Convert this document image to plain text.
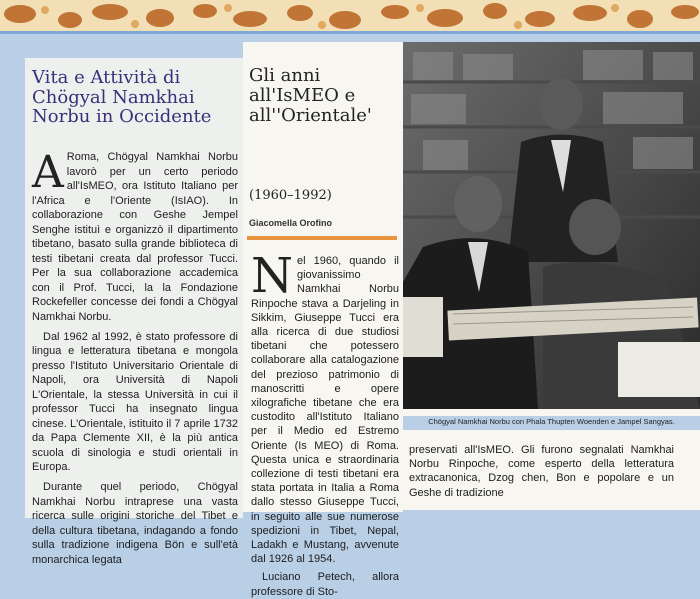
Vita e Attività di Chögyal Namkhai Norbu in Occidente

A Roma, Chögyal Namkhai Norbu lavorò per un certo periodo all'IsMEO, ora Istituto Italiano per l'Africa e l'Oriente (IsIAO). In collaborazione con Geshe Jempel Senghe istituì e organizzò il dipartimento tibetano, basato sulla grande biblioteca di testi tibetani creata dal professor Tucci. Per la sua collaborazione accademica con il Prof. Tucci, la la Fondazione Rockefeller concesse dei fondi a Chögyal Namkhai Norbu.

Dal 1962 al 1992, è stato professore di lingua e letteratura tibetana e mongola presso l'Istituto Universitario Orientale di Napoli, ora Università di Napoli L'Orientale, la stessa Università in cui il professor Tucci ha insegnato lingua cinese. L'Orientale, istituito il 7 aprile 1732 da Papa Clemente XII, è la più antica scuola di sinologia e studi orientali in Europa.

Durante quel periodo, Chögyal Namkhai Norbu intraprese una vasta ricerca sulle origini storiche del Tibet e della cultura tibetana, indagando a fondo sulla tradizione indigena Bön e sull'età monarchica legata

Gli anni all'IsMEO e all''Orientale'
(1960–1992)
Giacomella Orofino

Nel 1960, quando il giovanissimo Namkhai Norbu Rinpoche stava a Darjeling in Sikkim, Giuseppe Tucci era alla ricerca di due studiosi tibetani che potessero collaborare alla catalogazione del prezioso patrimonio di manoscritti e opere xilografiche tibetane che era custodito all'Istituto Italiano per il Medio ed Estremo Oriente (Is MEO) di Roma. Questa unica e straordinaria collezione di testi tibetani era stata portata in Italia a Roma dallo stesso Giuseppe Tucci, in seguito alle sue numerose spedizioni in Tibet, Nepal, Ladakh e Mustang, avvenute dal 1926 al 1954.

Luciano Petech, allora professore di Sto-

Chögyal Namkhai Norbu con Phala Thupten Woenden e Jampel Sangyas.
preservati all'IsMEO. Gli furono segnalati Namkhai Norbu Rinpoche, come esperto della letteratura extracanonica, Dzog chen, Bon e popolare e un Geshe di tradizione
